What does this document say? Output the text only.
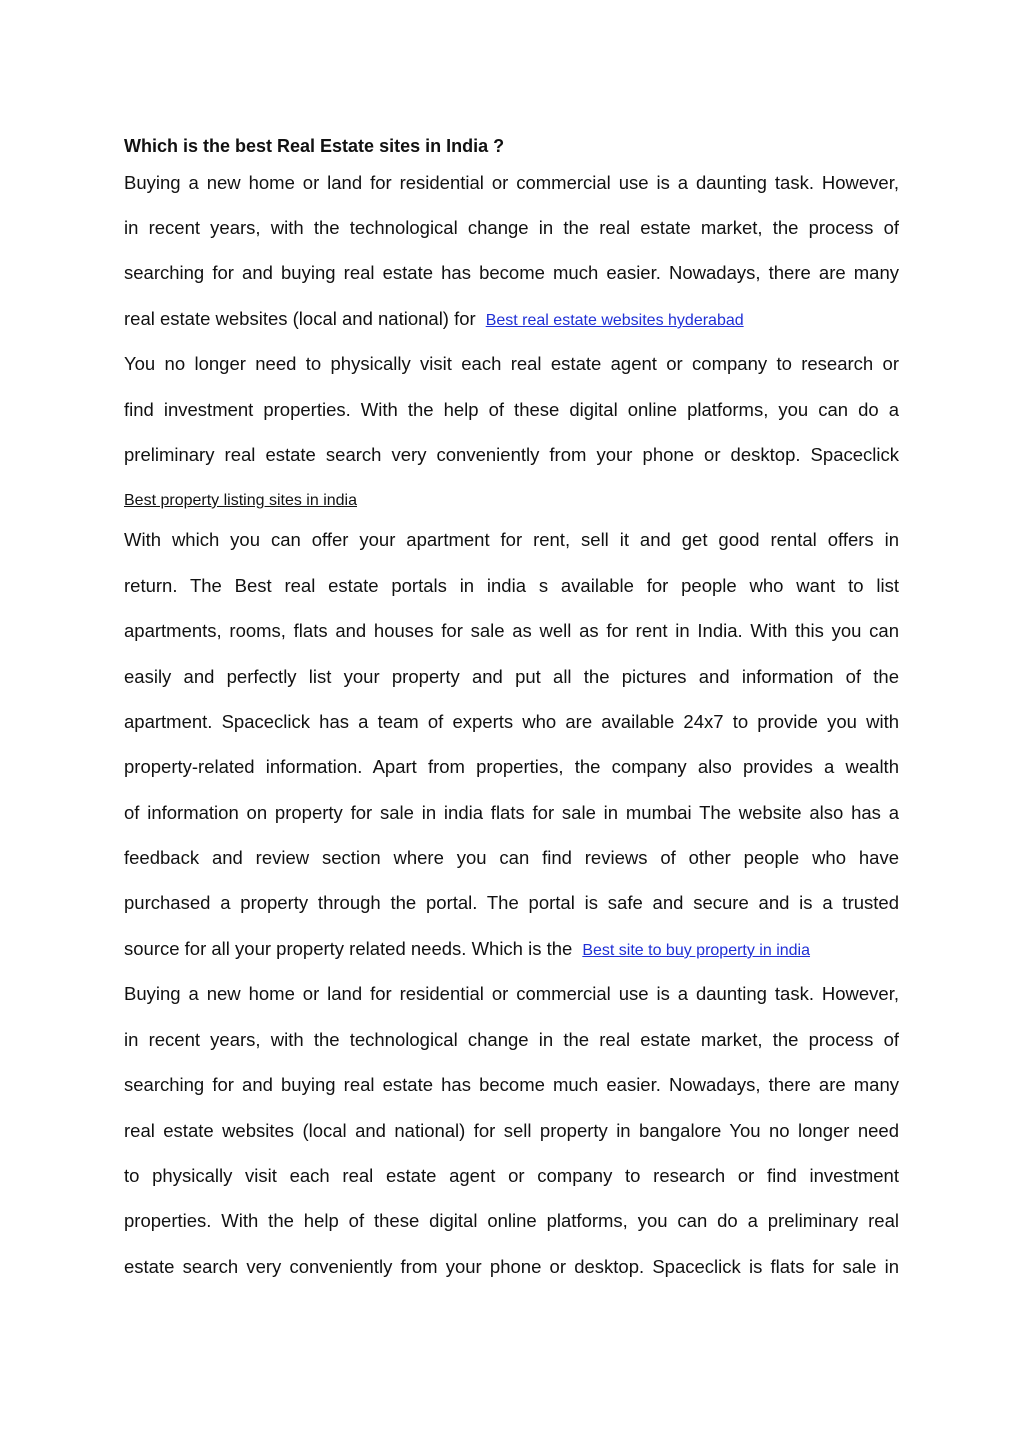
Which is the best Real Estate sites in India ?
Buying a new home or land for residential or commercial use is a daunting task. However,
in recent years, with the technological change in the real estate market, the process of
searching for and buying real estate has become much easier. Nowadays, there are many
real estate websites (local and national) for Best real estate websites hyderabad
You no longer need to physically visit each real estate agent or company to research or
find investment properties. With the help of these digital online platforms, you can do a
preliminary real estate search very conveniently from your phone or desktop. Spaceclick
Best property listing sites in india
With which you can offer your apartment for rent, sell it and get good rental offers in
return. The Best real estate portals in india s available for people who want to list
apartments, rooms, flats and houses for sale as well as for rent in India. With this you can
easily and perfectly list your property and put all the pictures and information of the
apartment. Spaceclick has a team of experts who are available 24x7 to provide you with
property-related information. Apart from properties, the company also provides a wealth
of information on property for sale in india flats for sale in mumbai The website also has a
feedback and review section where you can find reviews of other people who have
purchased a property through the portal. The portal is safe and secure and is a trusted
source for all your property related needs. Which is the Best site to buy property in india
Buying a new home or land for residential or commercial use is a daunting task. However,
in recent years, with the technological change in the real estate market, the process of
searching for and buying real estate has become much easier. Nowadays, there are many
real estate websites (local and national) for sell property in bangalore You no longer need
to physically visit each real estate agent or company to research or find investment
properties. With the help of these digital online platforms, you can do a preliminary real
estate search very conveniently from your phone or desktop. Spaceclick is flats for sale in
